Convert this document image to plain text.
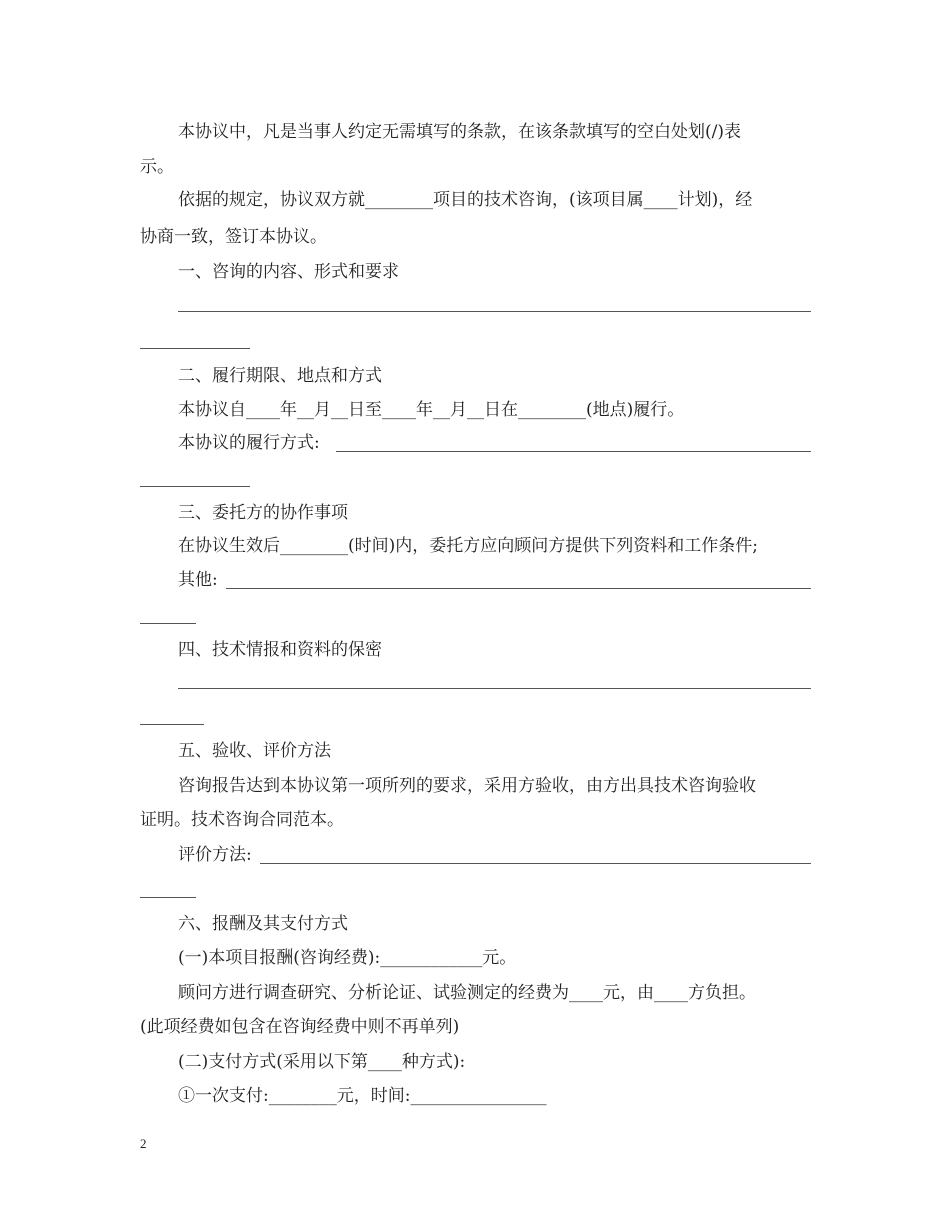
本协议中，凡是当事人约定无需填写的条款，在该条款填写的空白处划(/)表
示。
依据的规定，协议双方就________项目的技术咨询，(该项目属____计划)，经
协商一致，签订本协议。
一、咨询的内容、形式和要求
二、履行期限、地点和方式
本协议自____年__月__日至____年__月__日在________(地点)履行。
本协议的履行方式:
三、委托方的协作事项
在协议生效后________(时间)内，委托方应向顾问方提供下列资料和工作条件;
其他:
四、技术情报和资料的保密
五、验收、评价方法
咨询报告达到本协议第一项所列的要求，采用方验收，由方出具技术咨询验收
证明。技术咨询合同范本。
评价方法:
六、报酬及其支付方式
(一)本项目报酬(咨询经费):____________元。
顾问方进行调查研究、分析论证、试验测定的经费为____元，由____方负担。
(此项经费如包含在咨询经费中则不再单列)
(二)支付方式(采用以下第____种方式):
①一次支付:________元，时间:________________
2
